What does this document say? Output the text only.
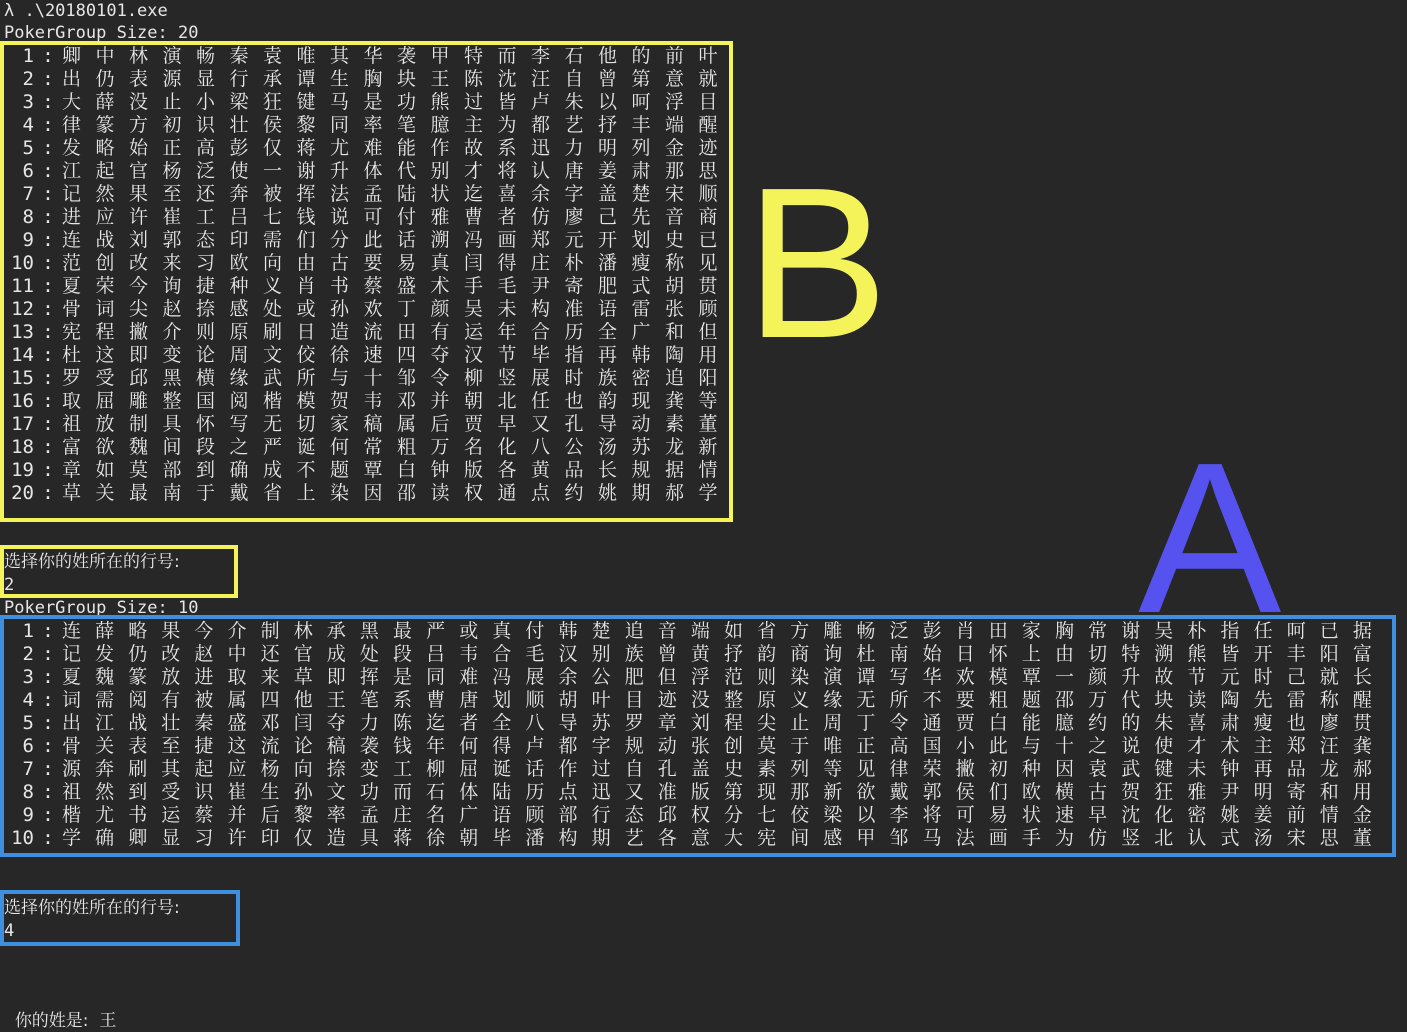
λ .\20180101.exe
PokerGroup Size: 20
1 : 卿中林演畅秦袁唯其华袭甲特而李石他的前叶
2 : 出仍表源显行承谭生胸块王陈沈汪自曾第意就
3 : 大薛没止小梁狂键马是功熊过皆卢朱以呵浮目
4 : 律篆方初识壮侯黎同率笔臆主为都艺抒丰端醒
5 : 发略始正高彭仅蒋尤难能作故系迅力明列金迹
6 : 江起官杨泛使一谢升体代别才将认唐姜肃那思
7 : 记然果至还奔被挥法孟陆状迄喜余字盖楚宋顺
8 : 进应许崔工吕七钱说可付雅曹者仿廖己先音商
9 : 连战刘郭态印需们分此话溯冯画郑元开划史已
10 : 范创改来习欧向由古要易真闫得庄朴潘瘦称见
11 : 夏荣今询捷种义肖书蔡盛术手毛尹寄肥式胡贯
12 : 骨词尖赵捺感处或孙欢丁颜吴未构准语雷张顾
13 : 宪程撇介则原刷日造流田有运年合历全广和但
14 : 杜这即变论周文佼徐速四夺汉节毕指再韩陶用
15 : 罗受邱黑横缘武所与十邹令柳竖展时族密追阳
16 : 取屈雕整国阅楷模贺韦邓并朝北任也韵现龚等
17 : 祖放制具怀写无切家稿属后贾早又孔导动素董
18 : 富欲魏间段之严诞何常粗万名化八公汤苏龙新
19 : 章如莫部到确成不题覃白钟版各黄品长规据情
20 : 草关最南于戴省上染因邵读权通点约姚期郝学
选择你的姓所在的行号:
2
PokerGroup Size: 10
1 : 连薛略果今介制林承黑最严或真付韩楚追音端如省方雕畅泛彭肖田家胸常谢吴朴指任呵已据
2 : 记发仍改赵中还官成处段吕韦合毛汉别族曾黄抒韵商询杜南始日怀上由切特溯熊皆开丰阳富
3 : 夏魏篆放进取来草即挥是同难冯展余公肥但浮范则染演谭写华欢模覃一颜升故节元时己就长
4 : 词需阅有被属四他王笔系曹唐划顺胡叶目迹没整原义缘无所不要粗题邵万代块读陶先雷称醒
5 : 出江战壮秦盛邓闫夺力陈迄者全八导苏罗章刘程尖止周丁令通贾白能臆约的朱喜肃瘦也廖贯
6 : 骨关表至捷这流论稿袭钱年何得卢都字规动张创莫于唯正高国小此与十之说使才术主郑汪龚
7 : 源奔刷其起应杨向捺变工柳屈诞话作过自孔盖史素列等见律荣撇初种因袁武键未钟再品龙郝
8 : 祖然到受识崔生孙文功而石体陆历点迅又准版第现那新欲戴郭侯们欧横古贺狂雅尹明寄和用
9 : 楷尤书运蔡并后黎率孟庄名广语顾部行态邱权分七佼梁以李将可易状速早沈化密姚姜前情金
10 : 学确卿显习许印仅造具蒋徐朝毕潘构期艺各意大宪间感甲邹马法画手为仿竖北认式汤宋思董
选择你的姓所在的行号:
4

你的姓是: 王

B
A
